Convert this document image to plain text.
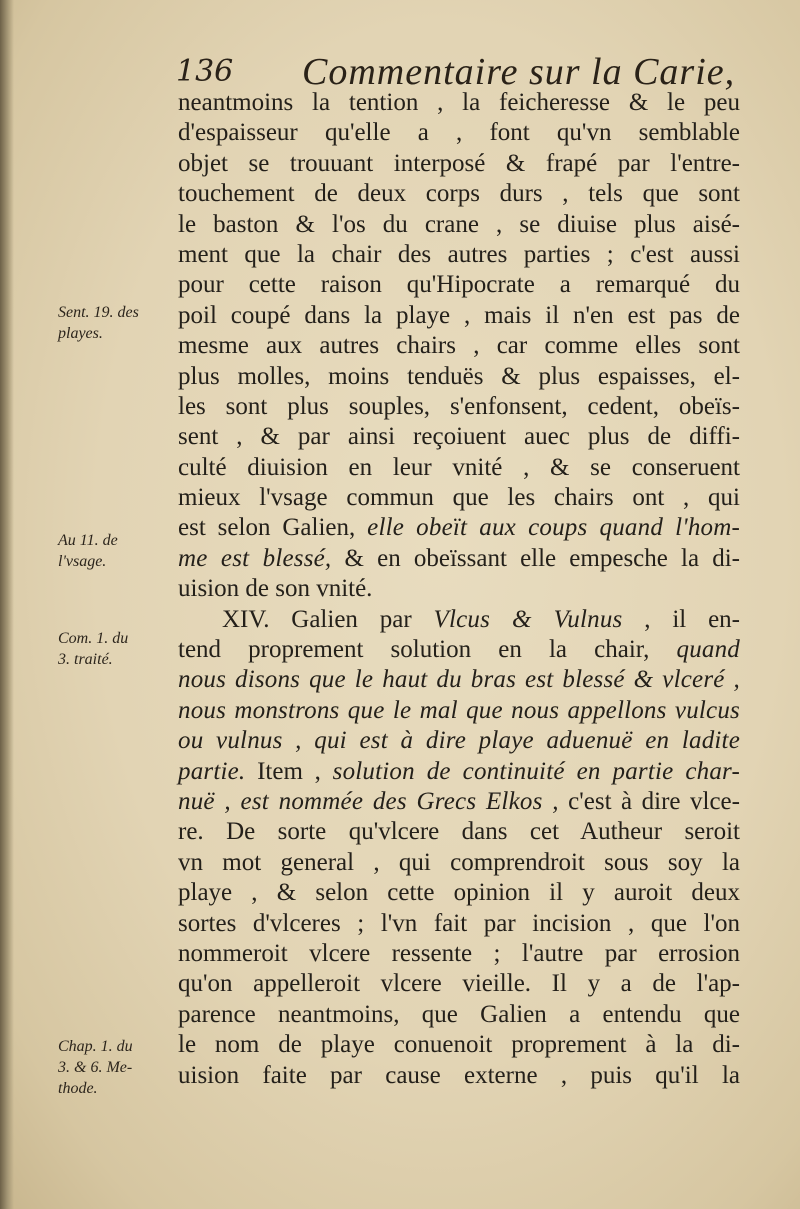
136 Commentaire sur la Carie,
Sent. 19. des
playes.
Au 11. de
l'vsage.
Com. 1. du
3. traité.
Chap. 1. du
3. & 6. Me-
thode.
neantmoins la tention , la feicheresse & le peu
d'espaisseur qu'elle a , font qu'vn semblable
objet se trouuant interposé & frapé par l'entre-
touchement de deux corps durs , tels que sont
le baston & l'os du crane , se diuise plus aisé-
ment que la chair des autres parties ; c'est aussi
pour cette raison qu'Hipocrate a remarqué du
poil coupé dans la playe , mais il n'en est pas de
mesme aux autres chairs , car comme elles sont
plus molles, moins tenduës & plus espaisses, el-
les sont plus souples, s'enfonsent, cedent, obeïs-
sent , & par ainsi reçoiuent auec plus de diffi-
culté diuision en leur vnité , & se conseruent
mieux l'vsage commun que les chairs ont , qui
est selon Galien, elle obeït aux coups quand l'hom-
me est blessé, & en obeïssant elle empesche la di-
uision de son vnité.
XIV. Galien par Vlcus & Vulnus , il en-
tend proprement solution en la chair, quand
nous disons que le haut du bras est blessé & vlceré ,
nous monstrons que le mal que nous appellons vulcus
ou vulnus , qui est à dire playe aduenuë en ladite
partie. Item , solution de continuité en partie char-
nuë , est nommée des Grecs Elkos , c'est à dire vlce-
re. De sorte qu'vlcere dans cet Autheur seroit
vn mot general , qui comprendroit sous soy la
playe , & selon cette opinion il y auroit deux
sortes d'vlceres ; l'vn fait par incision , que l'on
nommeroit vlcere ressente ; l'autre par errosion
qu'on appelleroit vlcere vieille. Il y a de l'ap-
parence neantmoins, que Galien a entendu que
le nom de playe conuenoit proprement à la di-
uision faite par cause externe , puis qu'il la
